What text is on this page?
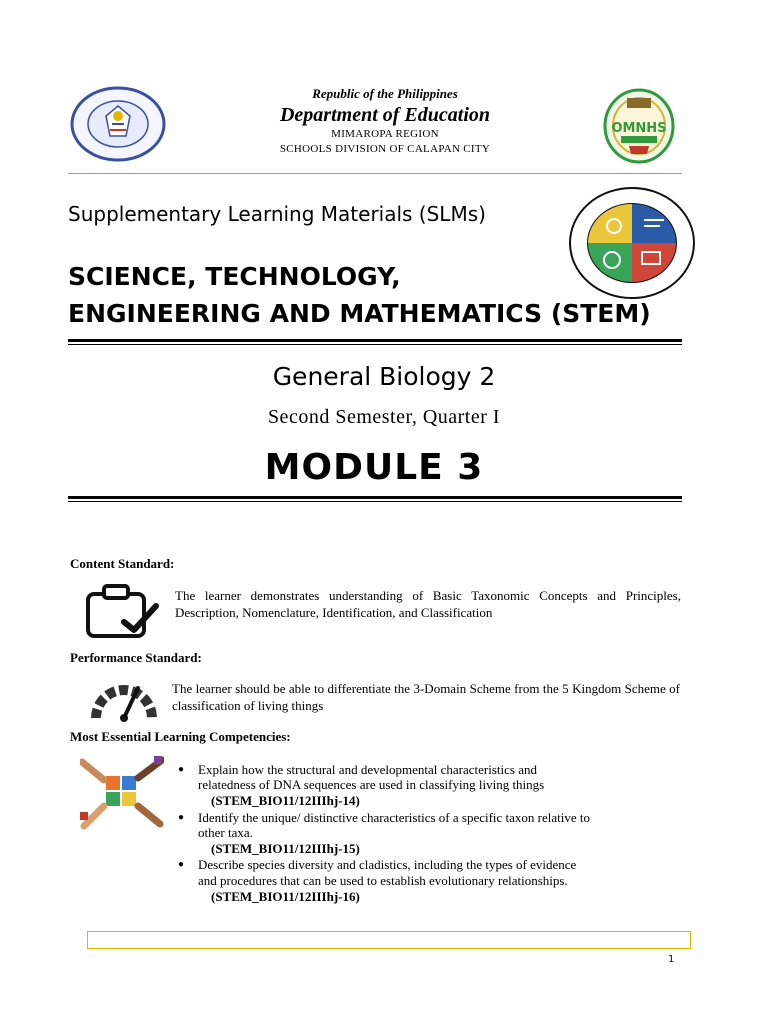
Republic of the Philippines
Department of Education
MIMAROPA REGION
SCHOOLS DIVISION OF CALAPAN CITY
OMNHS
Supplementary Learning Materials (SLMs)
SCIENCE, TECHNOLOGY,
ENGINEERING AND MATHEMATICS (STEM)
General Biology 2
Second Semester, Quarter I
MODULE 3
Content Standard:
The learner demonstrates understanding of Basic Taxonomic Concepts and Principles, Description, Nomenclature, Identification, and Classification
Performance Standard:
The learner should be able to differentiate the 3-Domain Scheme from the 5 Kingdom Scheme of classification of living things
Most Essential Learning Competencies:
● Explain how the structural and developmental characteristics and
relatedness of DNA sequences are used in classifying living things
(STEM_BIO11/12IIIhj-14)
● Identify the unique/ distinctive characteristics of a specific taxon relative to
other taxa.
(STEM_BIO11/12IIIhj-15)
● Describe species diversity and cladistics, including the types of evidence
and procedures that can be used to establish evolutionary relationships.
(STEM_BIO11/12IIIhj-16)
1
